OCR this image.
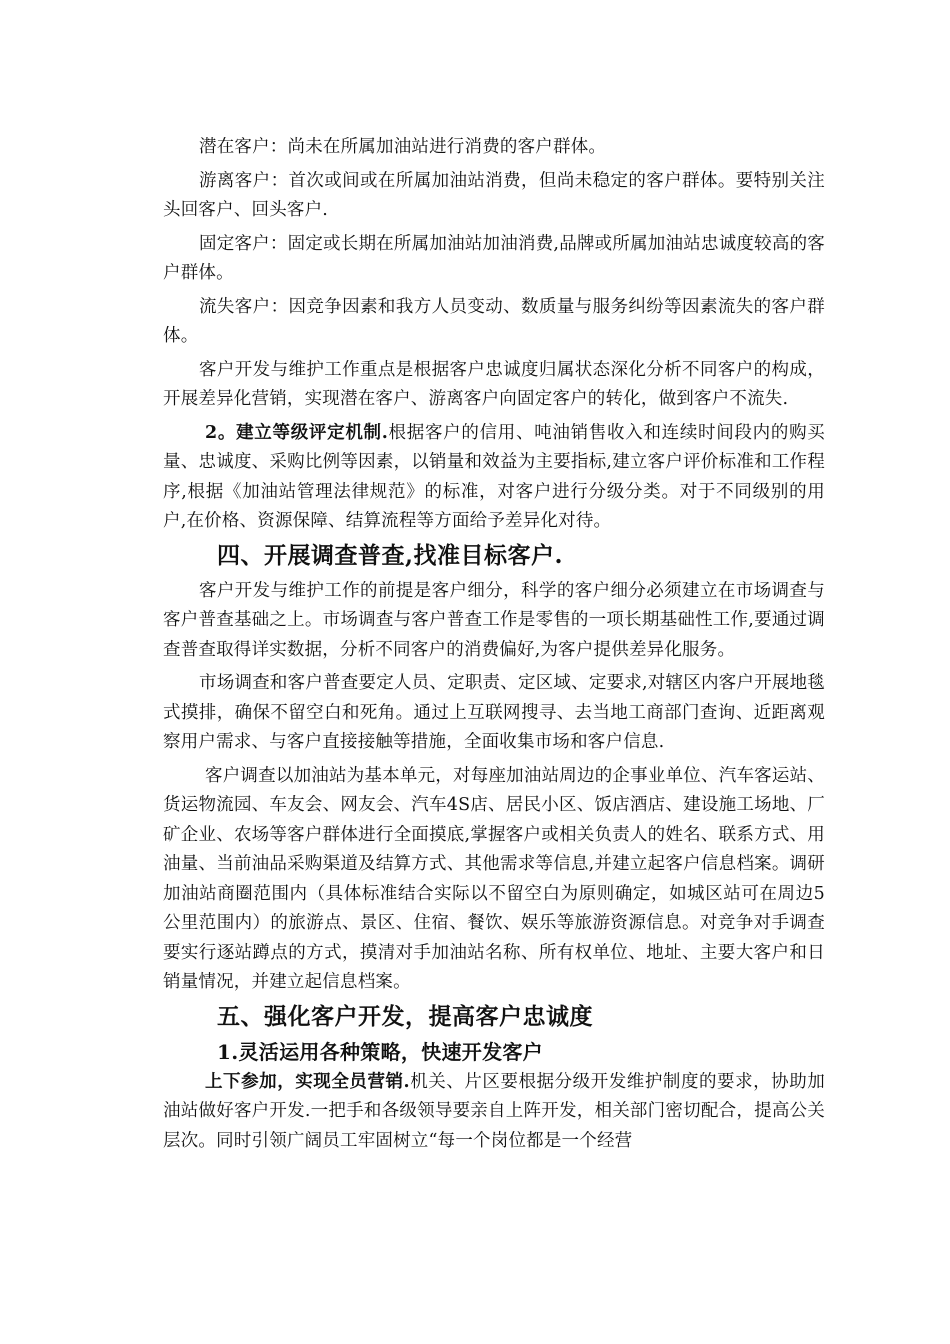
潜在客户：尚未在所属加油站进行消费的客户群体。

游离客户：首次或间或在所属加油站消费，但尚未稳定的客户群体。要特别关注头回客户、回头客户.

固定客户：固定或长期在所属加油站加油消费,品牌或所属加油站忠诚度较高的客户群体。

流失客户：因竞争因素和我方人员变动、数质量与服务纠纷等因素流失的客户群体。

客户开发与维护工作重点是根据客户忠诚度归属状态深化分析不同客户的构成，开展差异化营销，实现潜在客户、游离客户向固定客户的转化，做到客户不流失.

2。建立等级评定机制.根据客户的信用、吨油销售收入和连续时间段内的购买量、忠诚度、采购比例等因素，以销量和效益为主要指标,建立客户评价标准和工作程序,根据《加油站管理法律规范》的标准，对客户进行分级分类。对于不同级别的用户,在价格、资源保障、结算流程等方面给予差异化对待。

四、开展调查普查,找准目标客户.

客户开发与维护工作的前提是客户细分，科学的客户细分必须建立在市场调查与客户普查基础之上。市场调查与客户普查工作是零售的一项长期基础性工作,要通过调查普查取得详实数据，分析不同客户的消费偏好,为客户提供差异化服务。

市场调查和客户普查要定人员、定职责、定区域、定要求,对辖区内客户开展地毯式摸排，确保不留空白和死角。通过上互联网搜寻、去当地工商部门查询、近距离观察用户需求、与客户直接接触等措施，全面收集市场和客户信息.

客户调查以加油站为基本单元，对每座加油站周边的企事业单位、汽车客运站、货运物流园、车友会、网友会、汽车4S店、居民小区、饭店酒店、建设施工场地、厂矿企业、农场等客户群体进行全面摸底,掌握客户或相关负责人的姓名、联系方式、用油量、当前油品采购渠道及结算方式、其他需求等信息,并建立起客户信息档案。调研加油站商圈范围内（具体标准结合实际以不留空白为原则确定，如城区站可在周边5公里范围内）的旅游点、景区、住宿、餐饮、娱乐等旅游资源信息。对竞争对手调查要实行逐站蹲点的方式，摸清对手加油站名称、所有权单位、地址、主要大客户和日销量情况，并建立起信息档案。

五、强化客户开发，提高客户忠诚度
1.灵活运用各种策略，快速开发客户

上下参加，实现全员营销.机关、片区要根据分级开发维护制度的要求，协助加油站做好客户开发.一把手和各级领导要亲自上阵开发，相关部门密切配合，提高公关层次。同时引领广阔员工牢固树立“每一个岗位都是一个经营
